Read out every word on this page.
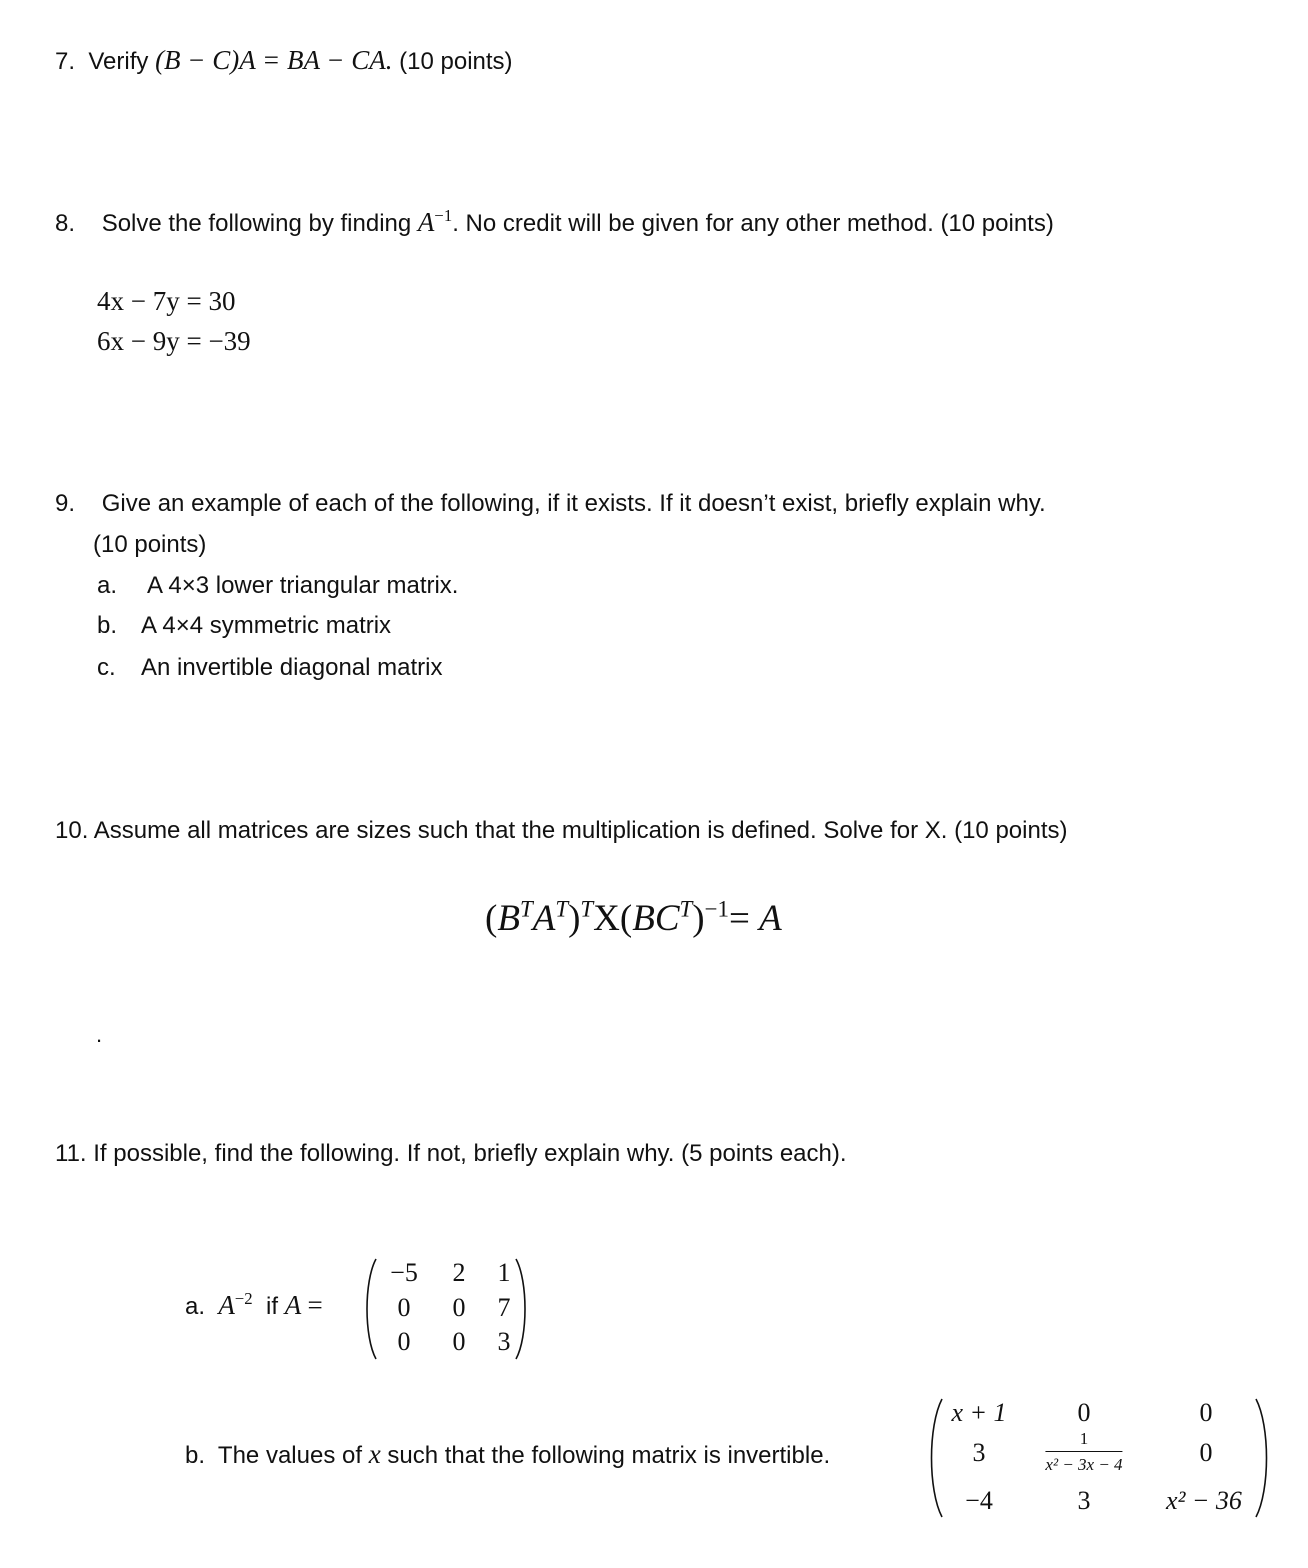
7. Verify (B − C)A = BA − CA. (10 points)
8. Solve the following by finding $A^{-1}$. No credit will be given for any other method. (10 points)
4x − 7y = 30
6x − 9y = −39
9. Give an example of each of the following, if it exists. If it doesn’t exist, briefly explain why.
(10 points)
a. A 4×3 lower triangular matrix.
b. A 4×4 symmetric matrix
c. An invertible diagonal matrix
10. Assume all matrices are sizes such that the multiplication is defined. Solve for X. (10 points)
$(B^TA^T)^TX(BC^T)^{-1}= A$
.
11. If possible, find the following. If not, briefly explain why. (5 points each).
a. $A^{-2}$ if A =
−5 2 1
0 0 7
0 0 3
b. The values of x such that the following matrix is invertible.
x + 1	0	0
3	$\frac{1}{\text{x² − 3x − 4}}$	0
−4	3	x² − 36
